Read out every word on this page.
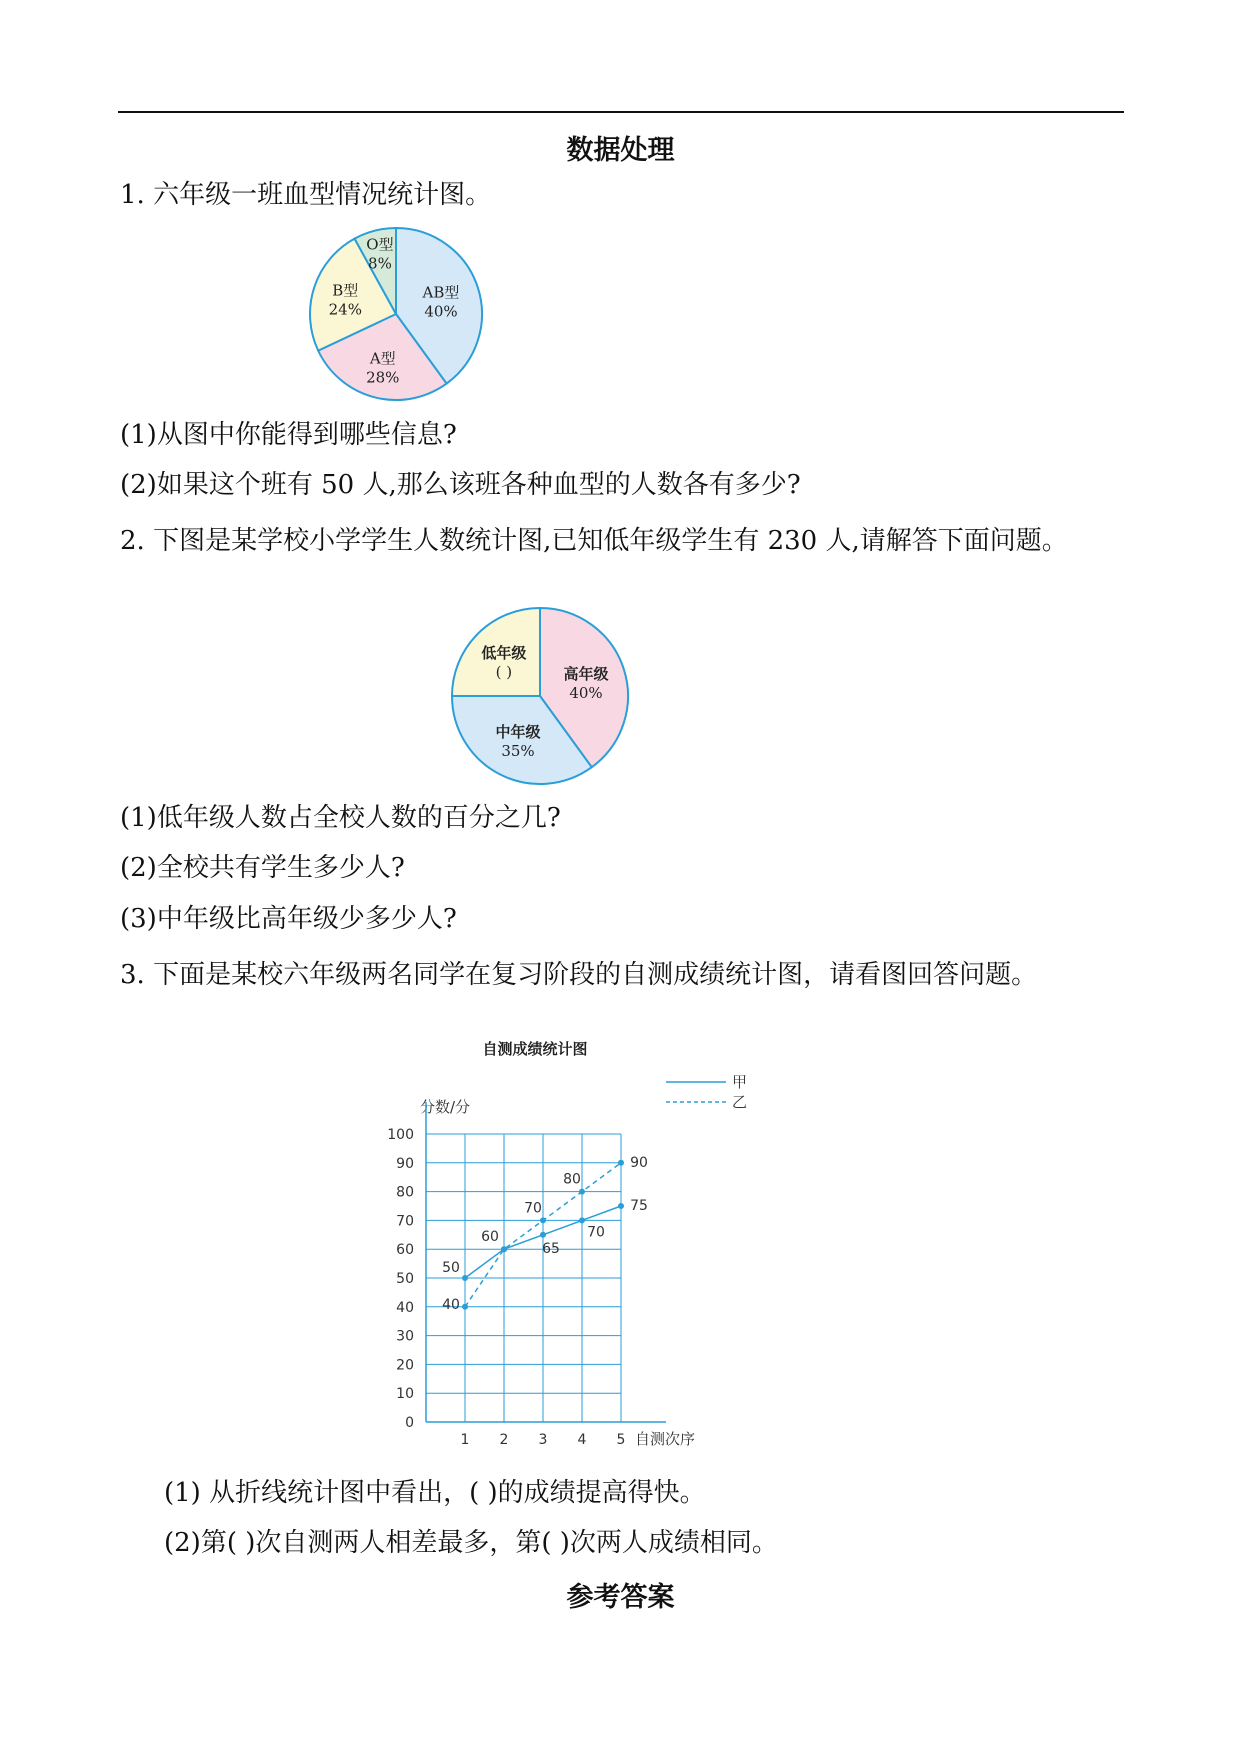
数据处理
1. 六年级一班血型情况统计图。
AB型
40%
A型
28%
B型
24%
O型
8%
(1)从图中你能得到哪些信息?
(2)如果这个班有 50 人,那么该班各种血型的人数各有多少?
2. 下图是某学校小学学生人数统计图,已知低年级学生有 230 人,请解答下面问题。
高年级
40%
中年级
35%
低年级
( )
(1)低年级人数占全校人数的百分之几?
(2)全校共有学生多少人?
(3)中年级比高年级少多少人?
3. 下面是某校六年级两名同学在复习阶段的自测成绩统计图，请看图回答问题。
自测成绩统计图
甲
乙
分数/分
0
10
20
30
40
50
60
70
80
90
100
1 2 3 4 5 自测次序
50
60
65
70
75
40
70
80
90
(1) 从折线统计图中看出，( )的成绩提高得快。
(2)第( )次自测两人相差最多，第( )次两人成绩相同。
参考答案
